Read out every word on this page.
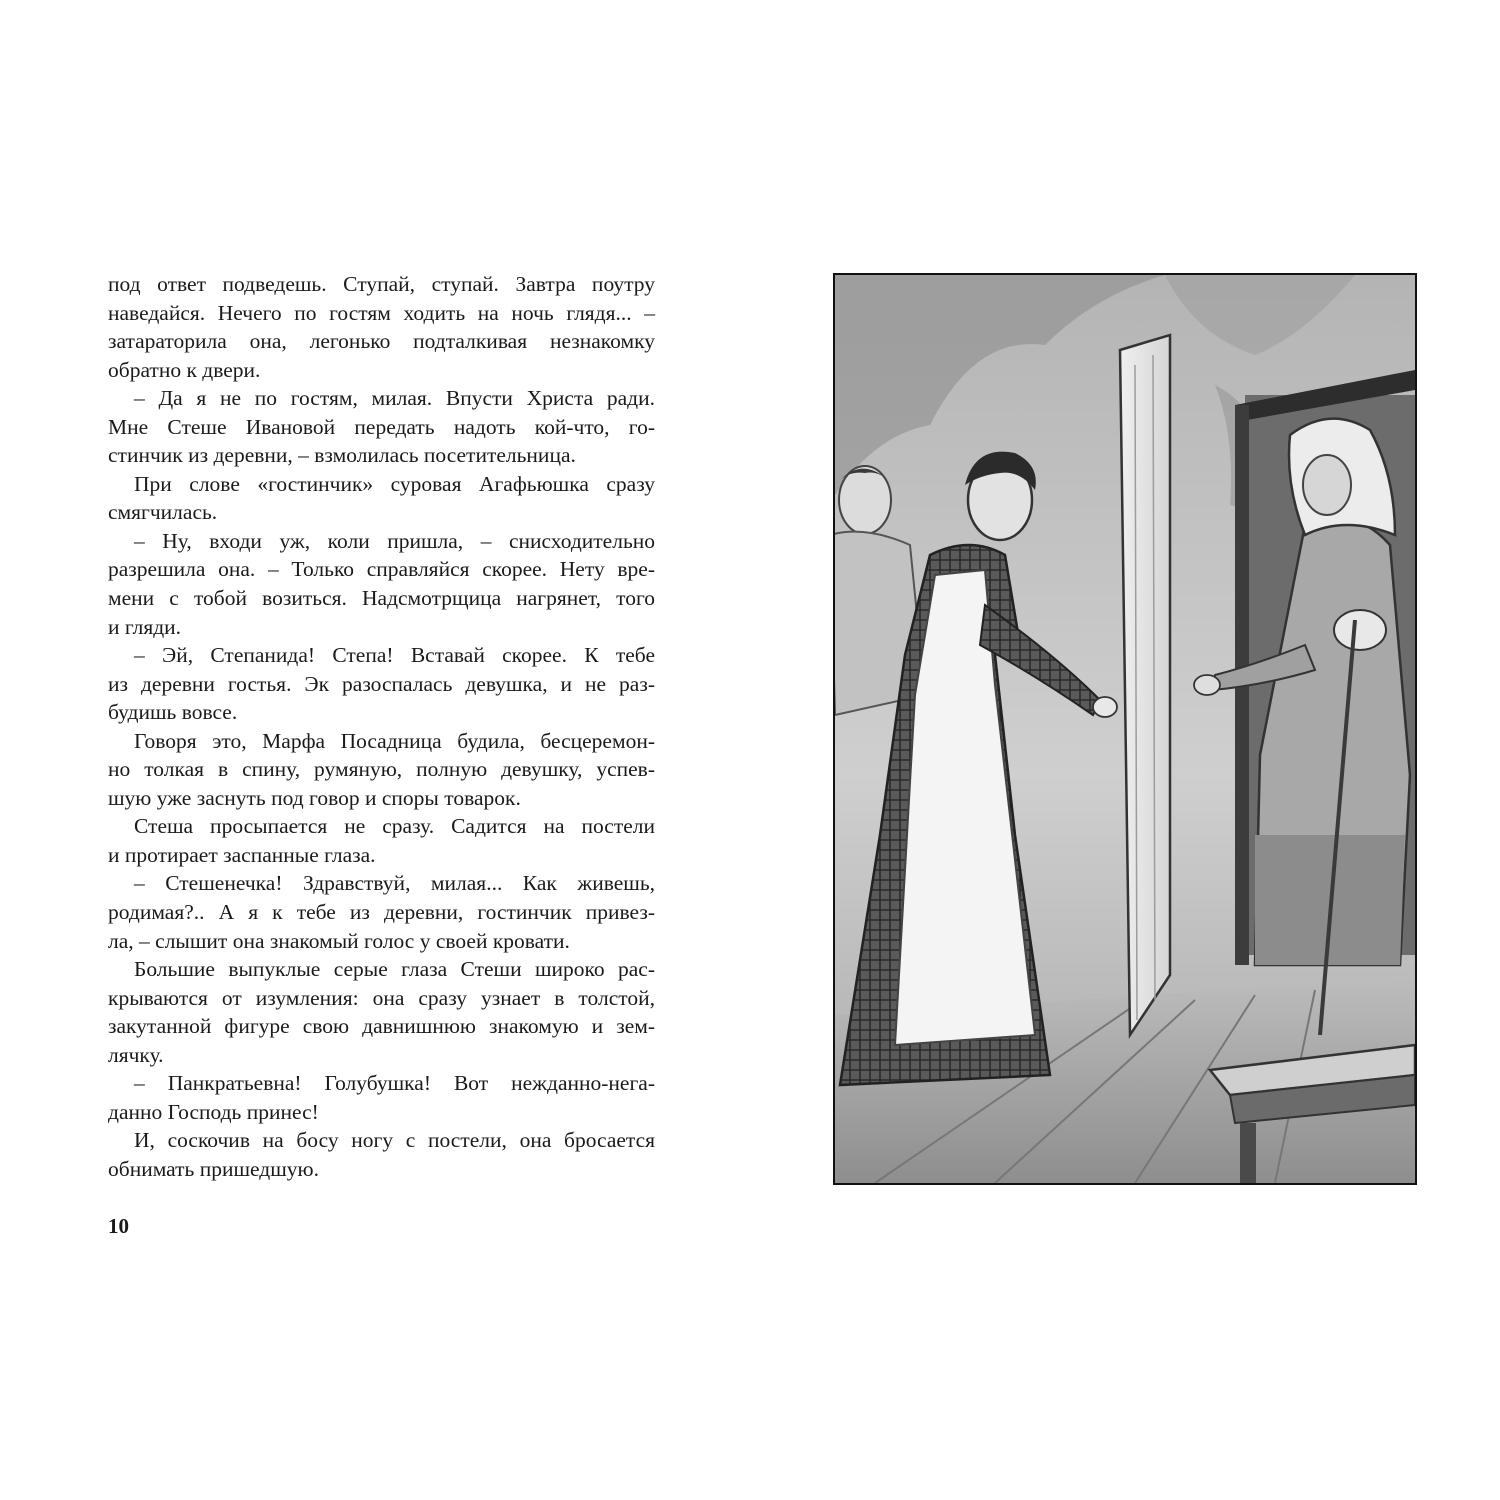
под ответ подведешь. Ступай, ступай. Завтра поутру
наведайся. Нечего по гостям ходить на ночь глядя... –
затараторила она, легонько подталкивая незнакомку
обратно к двери.
– Да я не по гостям, милая. Впусти Христа ради.
Мне Стеше Ивановой передать надоть кой-что, го-
стинчик из деревни, – взмолилась посетительница.
При слове «гостинчик» суровая Агафьюшка сразу
смягчилась.
– Ну, входи уж, коли пришла, – снисходительно
разрешила она. – Только справляйся скорее. Нету вре-
мени с тобой возиться. Надсмотрщица нагрянет, того
и гляди.
– Эй, Степанида! Степа! Вставай скорее. К тебе
из деревни гостья. Эк разоспалась девушка, и не раз-
будишь вовсе.
Говоря это, Марфа Посадница будила, бесцеремон-
но толкая в спину, румяную, полную девушку, успев-
шую уже заснуть под говор и споры товарок.
Стеша просыпается не сразу. Садится на постели
и протирает заспанные глаза.
– Стешенечка! Здравствуй, милая... Как живешь,
родимая?.. А я к тебе из деревни, гостинчик привез-
ла, – слышит она знакомый голос у своей кровати.
Большие выпуклые серые глаза Стеши широко рас-
крываются от изумления: она сразу узнает в толстой,
закутанной фигуре свою давнишнюю знакомую и зем-
лячку.
– Панкратьевна! Голубушка! Вот нежданно-негa-
данно Господь принес!
И, соскочив на босу ногу с постели, она бросается
обнимать пришедшую.
10
